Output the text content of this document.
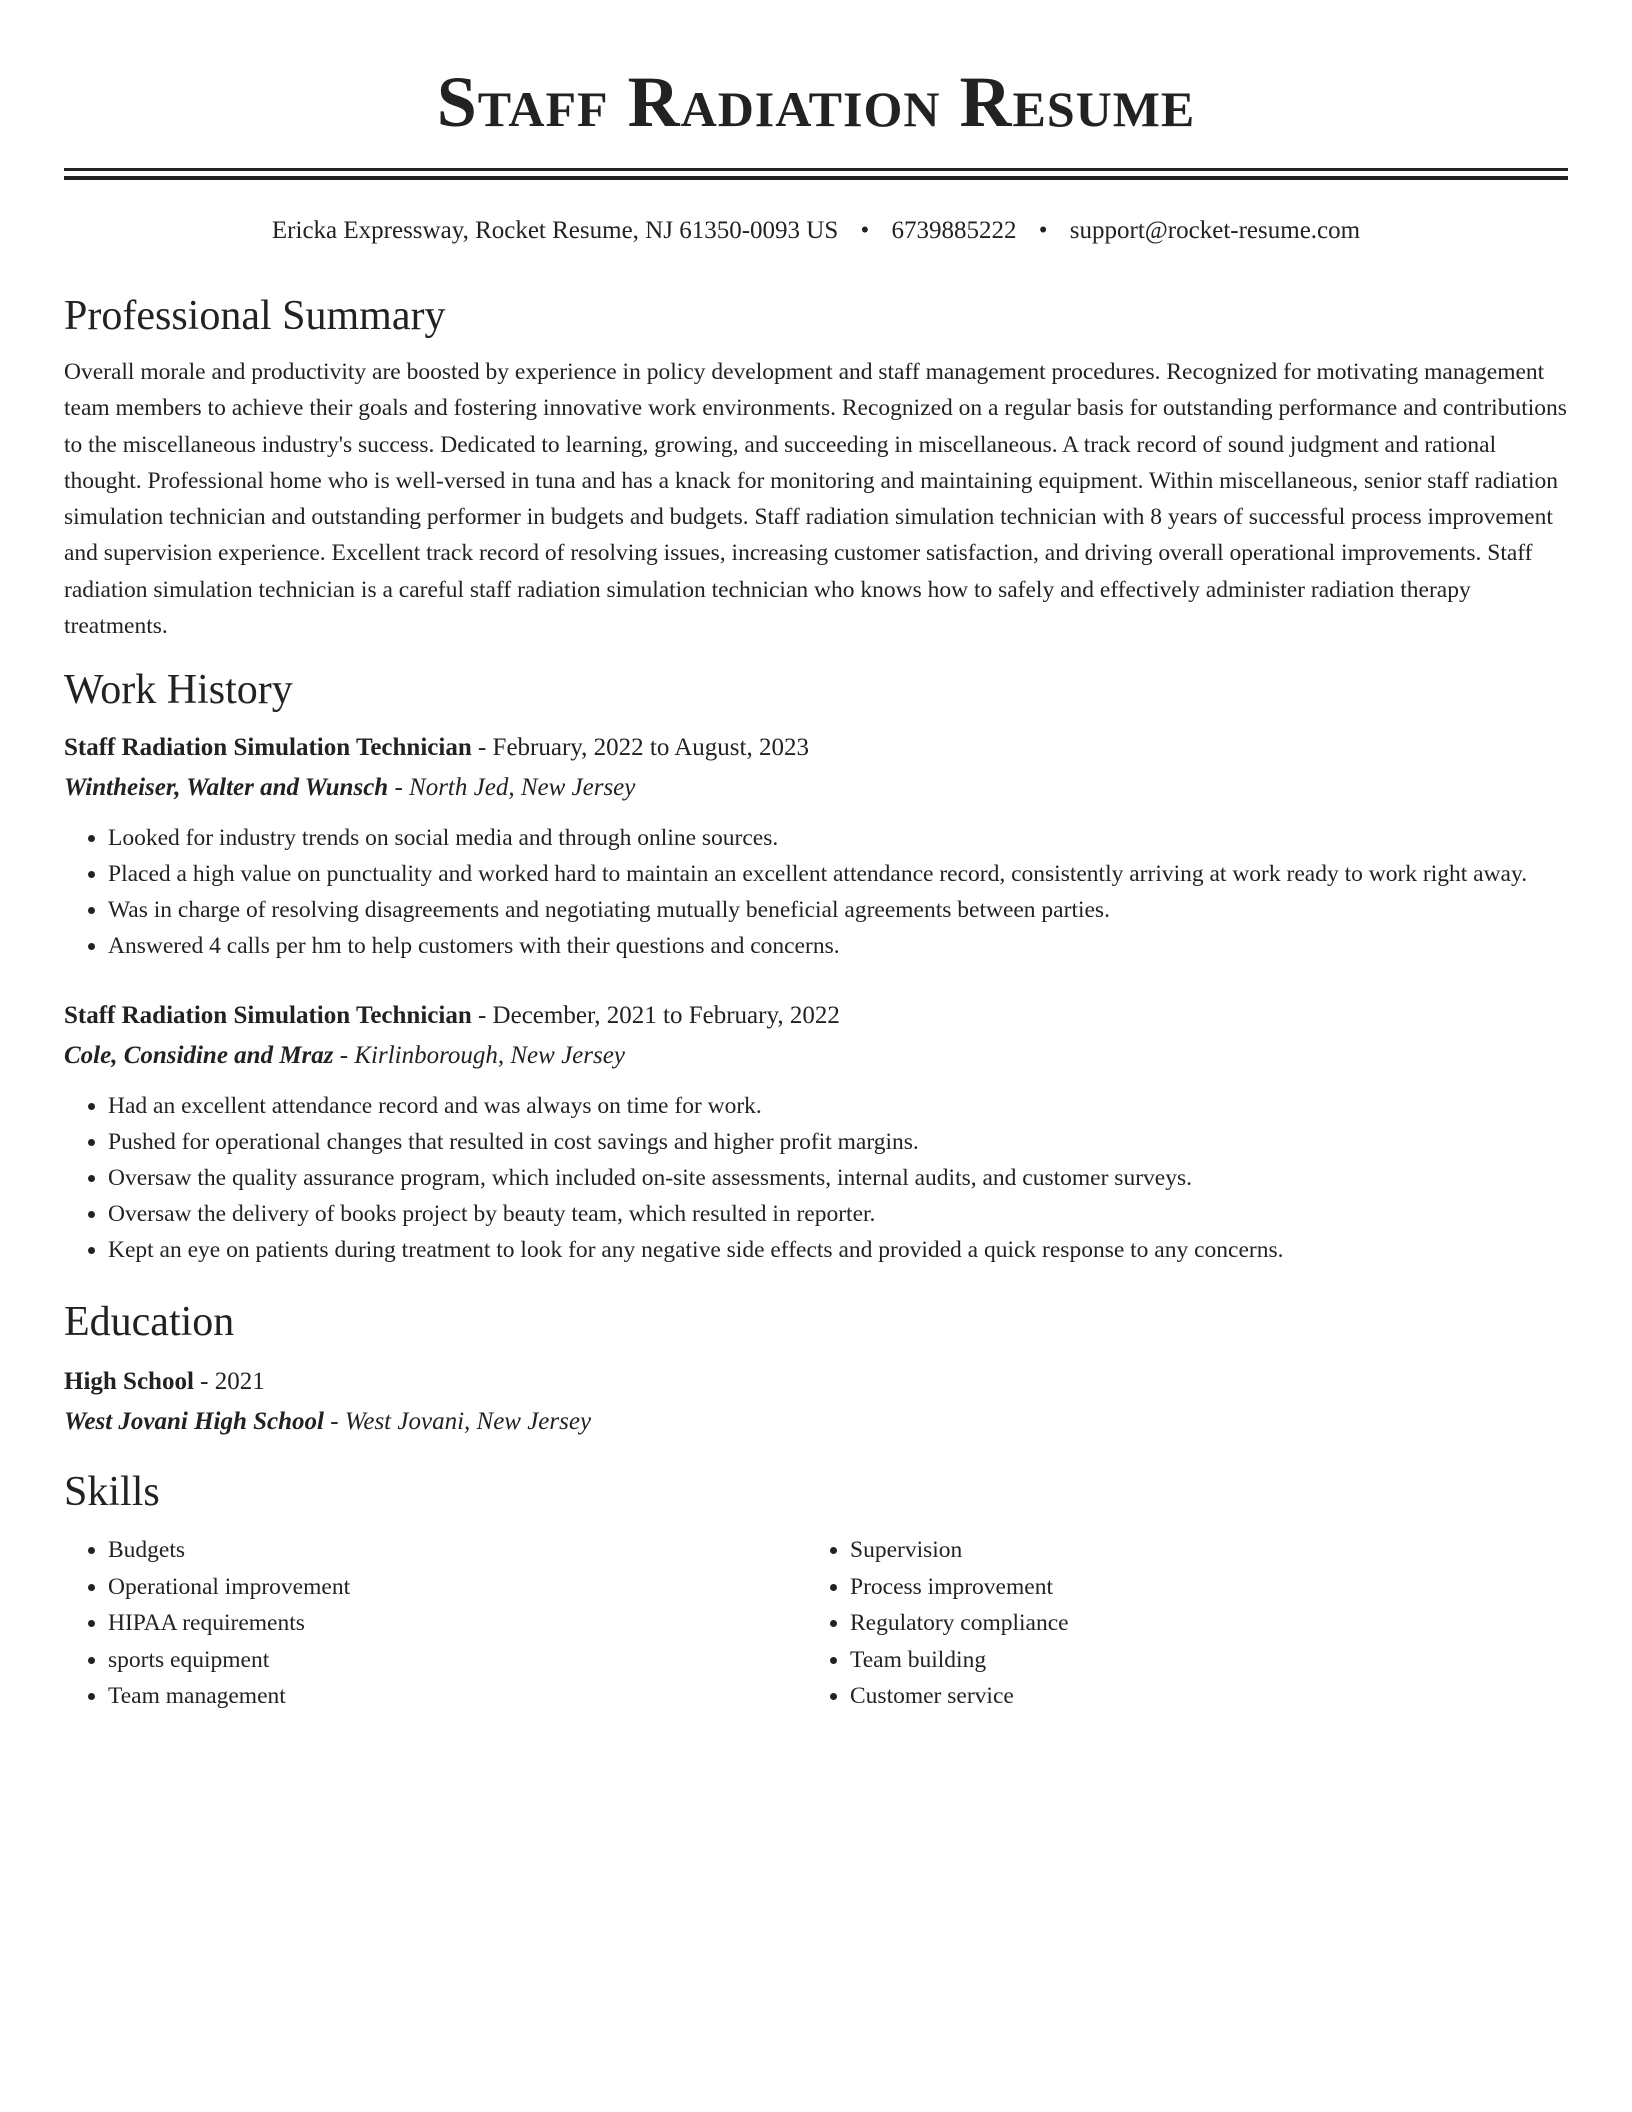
Staff Radiation Resume
Ericka Expressway, Rocket Resume, NJ 61350-0093 US • 6739885222 • support@rocket-resume.com
Professional Summary
Overall morale and productivity are boosted by experience in policy development and staff management procedures. Recognized for motivating management team members to achieve their goals and fostering innovative work environments. Recognized on a regular basis for outstanding performance and contributions to the miscellaneous industry's success. Dedicated to learning, growing, and succeeding in miscellaneous. A track record of sound judgment and rational thought. Professional home who is well-versed in tuna and has a knack for monitoring and maintaining equipment. Within miscellaneous, senior staff radiation simulation technician and outstanding performer in budgets and budgets. Staff radiation simulation technician with 8 years of successful process improvement and supervision experience. Excellent track record of resolving issues, increasing customer satisfaction, and driving overall operational improvements. Staff radiation simulation technician is a careful staff radiation simulation technician who knows how to safely and effectively administer radiation therapy treatments.
Work History
Staff Radiation Simulation Technician - February, 2022 to August, 2023
Wintheiser, Walter and Wunsch - North Jed, New Jersey
• Looked for industry trends on social media and through online sources.
• Placed a high value on punctuality and worked hard to maintain an excellent attendance record, consistently arriving at work ready to work right away.
• Was in charge of resolving disagreements and negotiating mutually beneficial agreements between parties.
• Answered 4 calls per hm to help customers with their questions and concerns.
Staff Radiation Simulation Technician - December, 2021 to February, 2022
Cole, Considine and Mraz - Kirlinborough, New Jersey
• Had an excellent attendance record and was always on time for work.
• Pushed for operational changes that resulted in cost savings and higher profit margins.
• Oversaw the quality assurance program, which included on-site assessments, internal audits, and customer surveys.
• Oversaw the delivery of books project by beauty team, which resulted in reporter.
• Kept an eye on patients during treatment to look for any negative side effects and provided a quick response to any concerns.
Education
High School - 2021
West Jovani High School - West Jovani, New Jersey
Skills
• Budgets
• Operational improvement
• HIPAA requirements
• sports equipment
• Team management
• Supervision
• Process improvement
• Regulatory compliance
• Team building
• Customer service
